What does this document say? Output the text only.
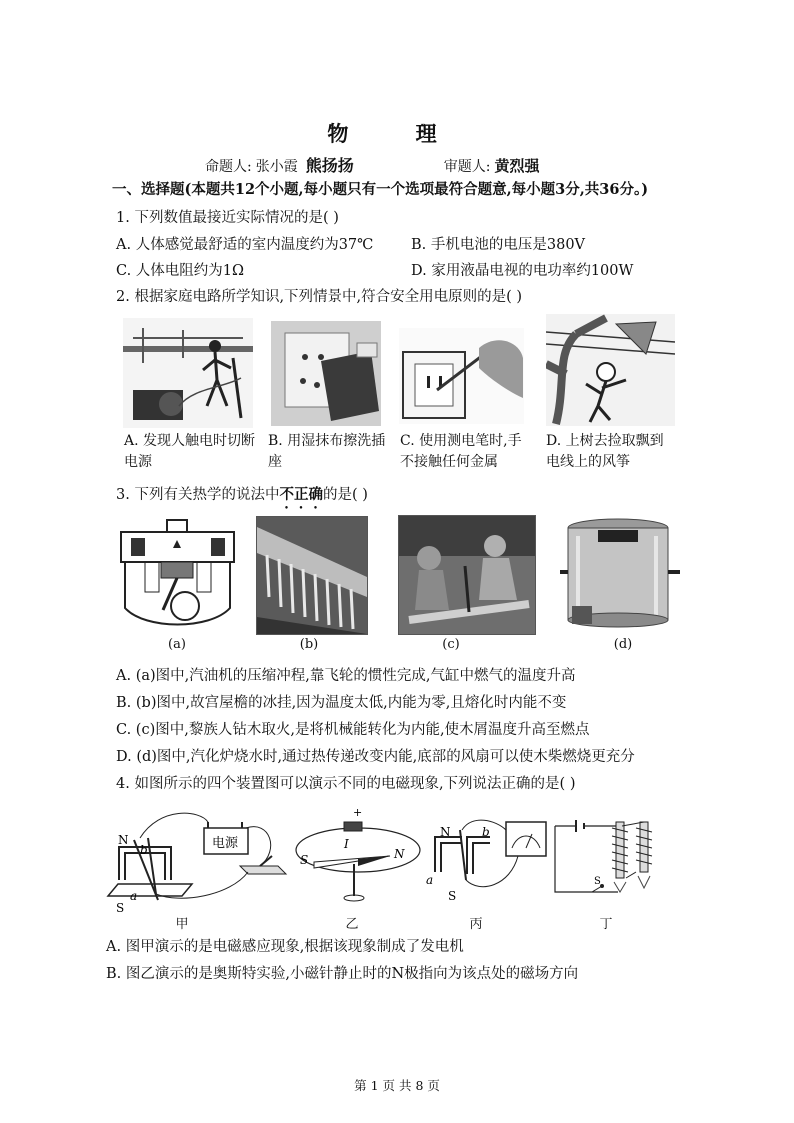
物 理
命题人: 张小霞 熊扬扬	审题人: 黄烈强
一、选择题(本题共12个小题,每小题只有一个选项最符合题意,每小题3分,共36分。)
1. 下列数值最接近实际情况的是( )
A. 人体感觉最舒适的室内温度约为37℃	B. 手机电池的电压是380V
C. 人体电阻约为1Ω	D. 家用液晶电视的电功率约100W
2. 根据家庭电路所学知识,下列情景中,符合安全用电原则的是( )
A. 发现人触电时切断电源
B. 用湿抹布擦洗插座
C. 使用测电笔时,手不接触任何金属
D. 上树去捡取飘到电线上的风筝
3. 下列有关热学的说法中不正确的是( )
(a)	(b)	(c)	(d)
A. (a)图中,汽油机的压缩冲程,靠飞轮的惯性完成,气缸中燃气的温度升高
B. (b)图中,故宫屋檐的冰挂,因为温度太低,内能为零,且熔化时内能不变
C. (c)图中,黎族人钻木取火,是将机械能转化为内能,使木屑温度升高至燃点
D. (d)图中,汽化炉烧水时,通过热传递改变内能,底部的风扇可以使木柴燃烧更充分
4. 如图所示的四个装置图可以演示不同的电磁现象,下列说法正确的是( )
N
b
a
S
电源
+
I
S	N
N	b
a
S
S
甲	乙	丙	丁
A. 图甲演示的是电磁感应现象,根据该现象制成了发电机
B. 图乙演示的是奥斯特实验,小磁针静止时的N极指向为该点处的磁场方向
第 1 页 共 8 页
